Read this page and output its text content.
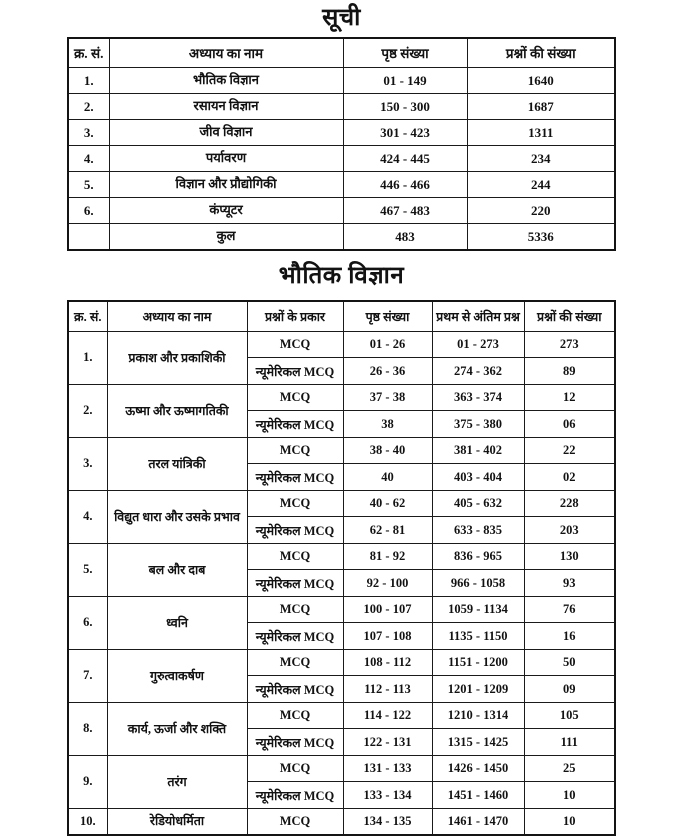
सूची
क्र. सं.	अध्याय का नाम	पृष्ठ संख्या	प्रश्नों की संख्या
1.	भौतिक विज्ञान	01 - 149	1640
2.	रसायन विज्ञान	150 - 300	1687
3.	जीव विज्ञान	301 - 423	1311
4.	पर्यावरण	424 - 445	234
5.	विज्ञान और प्रौद्योगिकी	446 - 466	244
6.	कंप्यूटर	467 - 483	220
	कुल	483	5336
भौतिक विज्ञान
क्र. सं.	अध्याय का नाम	प्रश्नों के प्रकार	पृष्ठ संख्या	प्रथम से अंतिम प्रश्न	प्रश्नों की संख्या
1.	प्रकाश और प्रकाशिकी	MCQ	01 - 26	01 - 273	273
		न्यूमेरिकल MCQ	26 - 36	274 - 362	89
2.	ऊष्मा और ऊष्मागतिकी	MCQ	37 - 38	363 - 374	12
		न्यूमेरिकल MCQ	38	375 - 380	06
3.	तरल यांत्रिकी	MCQ	38 - 40	381 - 402	22
		न्यूमेरिकल MCQ	40	403 - 404	02
4.	विद्युत धारा और उसके प्रभाव	MCQ	40 - 62	405 - 632	228
		न्यूमेरिकल MCQ	62 - 81	633 - 835	203
5.	बल और दाब	MCQ	81 - 92	836 - 965	130
		न्यूमेरिकल MCQ	92 - 100	966 - 1058	93
6.	ध्वनि	MCQ	100 - 107	1059 - 1134	76
		न्यूमेरिकल MCQ	107 - 108	1135 - 1150	16
7.	गुरुत्वाकर्षण	MCQ	108 - 112	1151 - 1200	50
		न्यूमेरिकल MCQ	112 - 113	1201 - 1209	09
8.	कार्य, ऊर्जा और शक्ति	MCQ	114 - 122	1210 - 1314	105
		न्यूमेरिकल MCQ	122 - 131	1315 - 1425	111
9.	तरंग	MCQ	131 - 133	1426 - 1450	25
		न्यूमेरिकल MCQ	133 - 134	1451 - 1460	10
10.	रेडियोधर्मिता	MCQ	134 - 135	1461 - 1470	10
